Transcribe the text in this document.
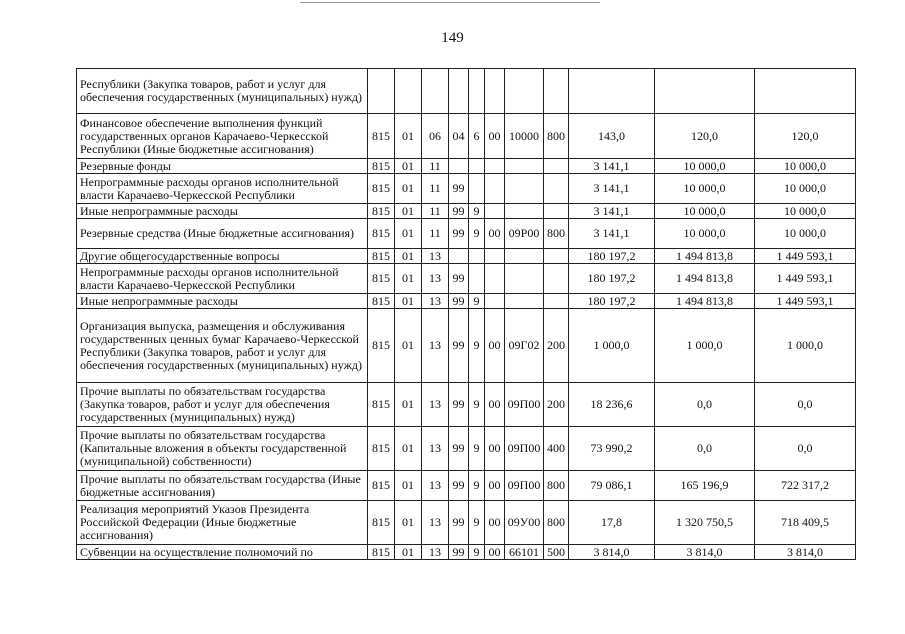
149
Республики (Закупка товаров, работ и услуг для обеспечения государственных (муниципальных) нужд)											
Финансовое обеспечение выполнения функций государственных органов Карачаево-Черкесской Республики (Иные бюджетные ассигнования)	815	01	06	04	6	00	10000	800	143,0	120,0	120,0
Резервные фонды	815	01	11						3 141,1	10 000,0	10 000,0
Непрограммные расходы органов исполнительной власти Карачаево-Черкесской Республики	815	01	11	99					3 141,1	10 000,0	10 000,0
Иные непрограммные расходы	815	01	11	99	9				3 141,1	10 000,0	10 000,0
Резервные средства (Иные бюджетные ассигнования)	815	01	11	99	9	00	09Р00	800	3 141,1	10 000,0	10 000,0
Другие общегосударственные вопросы	815	01	13						180 197,2	1 494 813,8	1 449 593,1
Непрограммные расходы органов исполнительной власти Карачаево-Черкесской Республики	815	01	13	99					180 197,2	1 494 813,8	1 449 593,1
Иные непрограммные расходы	815	01	13	99	9				180 197,2	1 494 813,8	1 449 593,1
Организация выпуска, размещения и обслуживания государственных ценных бумаг Карачаево-Черкесской Республики (Закупка товаров, работ и услуг для обеспечения государственных (муниципальных) нужд)	815	01	13	99	9	00	09Г02	200	1 000,0	1 000,0	1 000,0
Прочие выплаты по обязательствам государства (Закупка товаров, работ и услуг для обеспечения государственных (муниципальных) нужд)	815	01	13	99	9	00	09П00	200	18 236,6	0,0	0,0
Прочие выплаты по обязательствам государства (Капитальные вложения в объекты государственной (муниципальной) собственности)	815	01	13	99	9	00	09П00	400	73 990,2	0,0	0,0
Прочие выплаты по обязательствам государства (Иные бюджетные ассигнования)	815	01	13	99	9	00	09П00	800	79 086,1	165 196,9	722 317,2
Реализация мероприятий Указов Президента Российской Федерации (Иные бюджетные ассигнования)	815	01	13	99	9	00	09У00	800	17,8	1 320 750,5	718 409,5
Субвенции на осуществление полномочий по	815	01	13	99	9	00	66101	500	3 814,0	3 814,0	3 814,0
